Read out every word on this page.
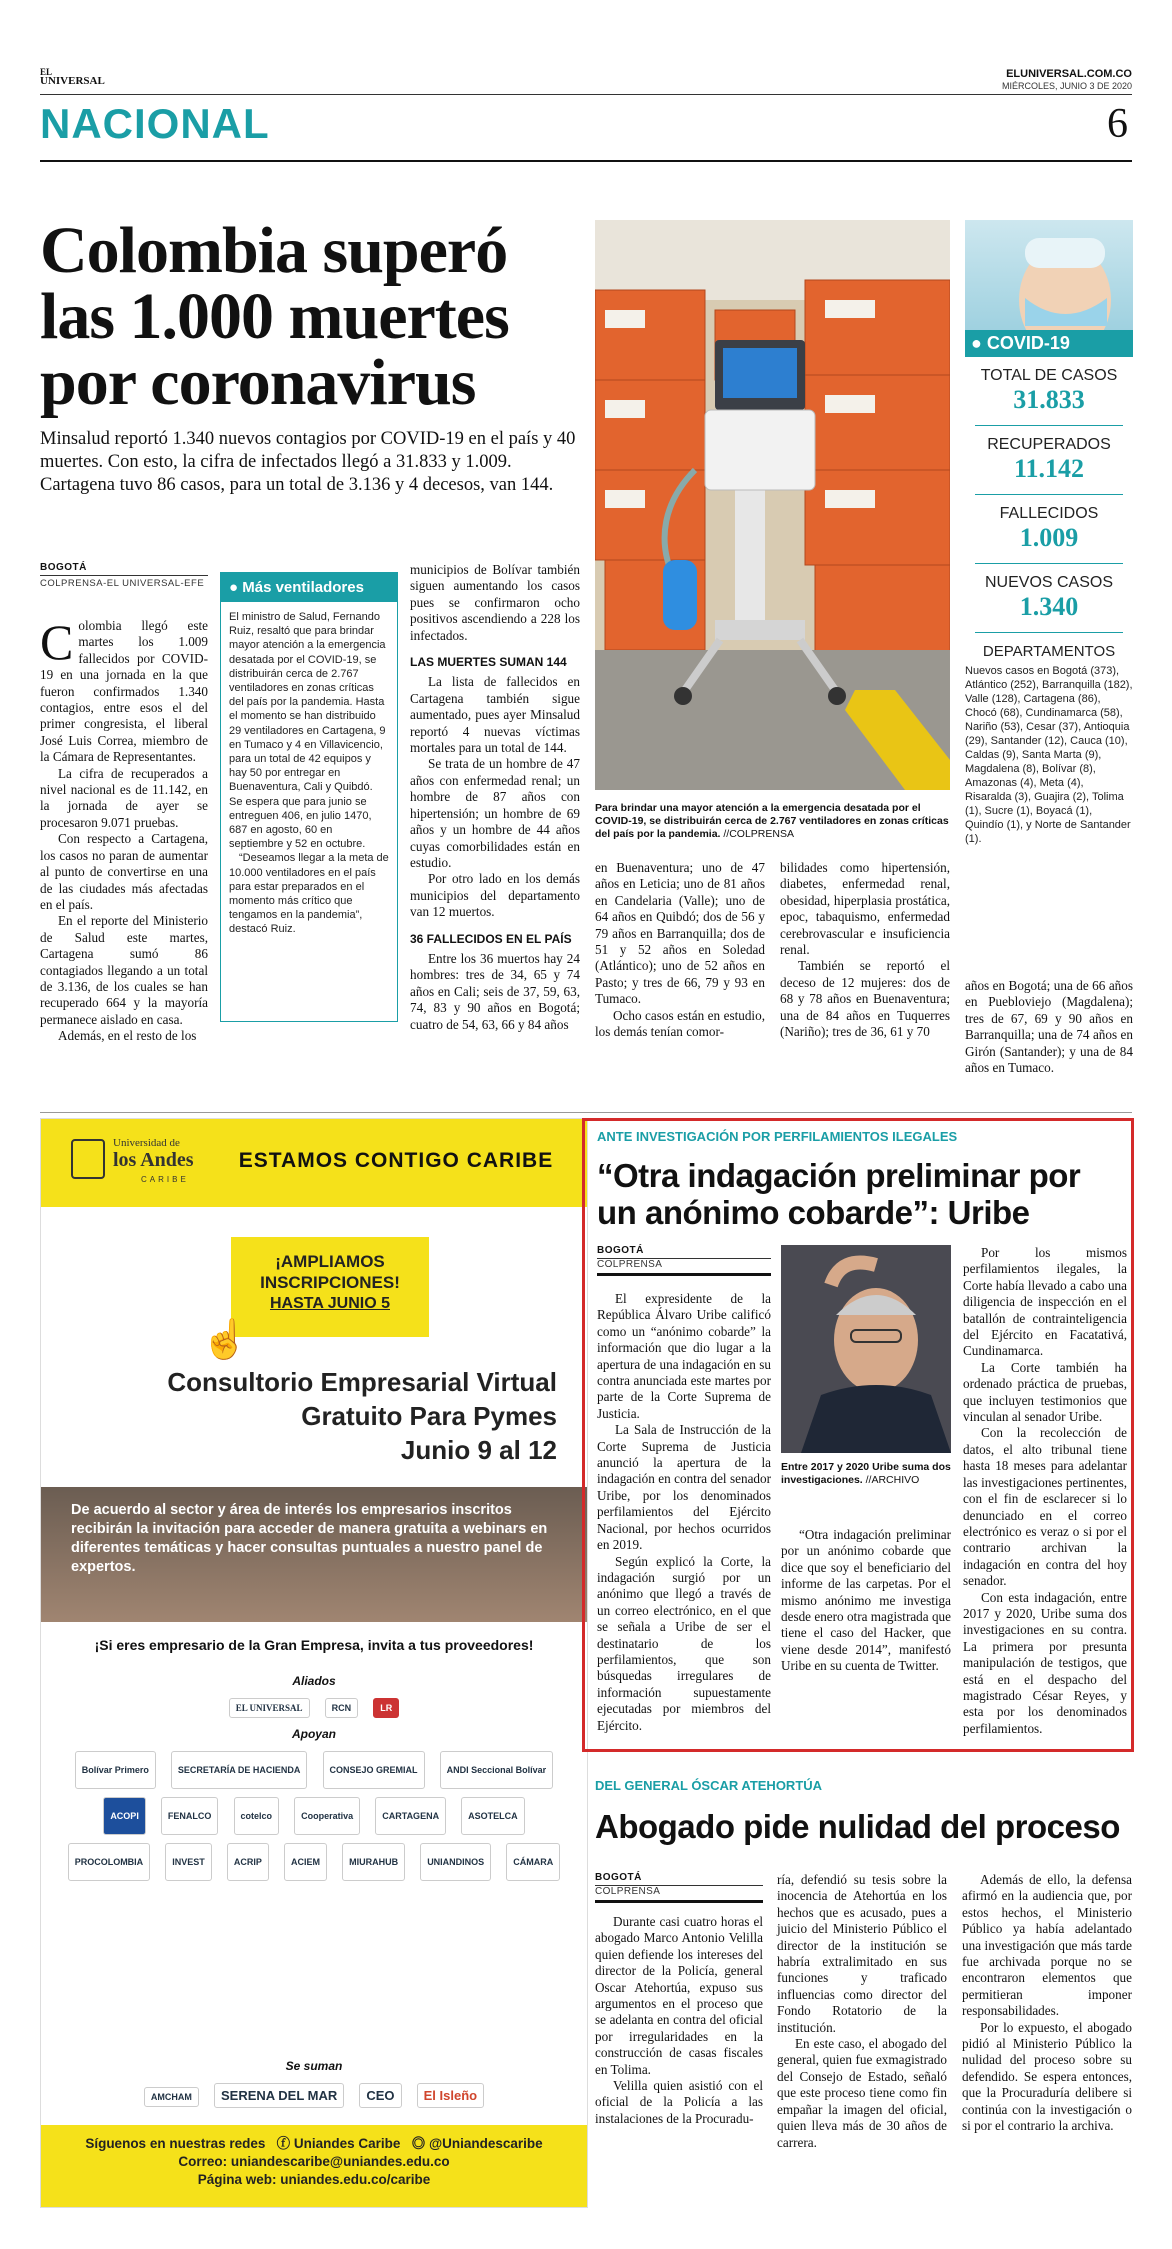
EL
UNIVERSAL
ELUNIVERSAL.COM.CO
MIÉRCOLES, JUNIO 3 DE 2020
NACIONAL	6
Colombia superó las 1.000 muertes por coronavirus
Minsalud reportó 1.340 nuevos contagios por COVID-19 en el país y 40 muertes. Con esto, la cifra de infectados llegó a 31.833 y 1.009. Cartagena tuvo 86 casos, para un total de 3.136 y 4 decesos, van 144.
BOGOTÁ
COLPRENSA-EL UNIVERSAL-EFE

Colombia llegó este martes los 1.009 fallecidos por COVID-19 en una jornada en la que fueron confirmados 1.340 contagios, entre esos el del primer congresista, el liberal José Luis Correa, miembro de la Cámara de Representantes.

La cifra de recuperados a nivel nacional es de 11.142, en la jornada de ayer se procesaron 9.071 pruebas.

Con respecto a Cartagena, los casos no paran de aumentar al punto de convertirse en una de las ciudades más afectadas en el país.

En el reporte del Ministerio de Salud este martes, Cartagena sumó 86 contagiados llegando a un total de 3.136, de los cuales se han recuperado 664 y la mayoría permanece aislado en casa.

Además, en el resto de los

● Más ventiladores

El ministro de Salud, Fernando Ruiz, resaltó que para brindar mayor atención a la emergencia desatada por el COVID-19, se distribuirán cerca de 2.767 ventiladores en zonas críticas del país por la pandemia. Hasta el momento se han distribuido 29 ventiladores en Cartagena, 9 en Tumaco y 4 en Villavicencio, para un total de 42 equipos y hay 50 por entregar en Buenaventura, Cali y Quibdó. Se espera que para junio se entreguen 406, en julio 1470, 687 en agosto, 60 en septiembre y 52 en octubre.

“Deseamos llegar a la meta de 10.000 ventiladores en el país para estar preparados en el momento más crítico que tengamos en la pandemia”, destacó Ruiz.

municipios de Bolívar también siguen aumentando los casos pues se confirmaron ocho positivos ascendiendo a 228 los infectados.

LAS MUERTES SUMAN 144

La lista de fallecidos en Cartagena también sigue aumentado, pues ayer Minsalud reportó 4 nuevas víctimas mortales para un total de 144.

Se trata de un hombre de 47 años con enfermedad renal; un hombre de 87 años con hipertensión; un hombre de 69 años y un hombre de 44 años cuyas comorbilidades están en estudio.

Por otro lado en los demás municipios del departamento van 12 muertos.

36 FALLECIDOS EN EL PAÍS

Entre los 36 muertos hay 24 hombres: tres de 34, 65 y 74 años en Cali; seis de 37, 59, 63, 74, 83 y 90 años en Bogotá; cuatro de 54, 63, 66 y 84 años

Para brindar una mayor atención a la emergencia desatada por el COVID-19, se distribuirán cerca de 2.767 ventiladores en zonas críticas del país por la pandemia. //COLPRENSA

en Buenaventura; uno de 47 años en Leticia; uno de 81 años en Candelaria (Valle); uno de 64 años en Quibdó; dos de 56 y 79 años en Barranquilla; dos de 51 y 52 años en Soledad (Atlántico); uno de 52 años en Pasto; y tres de 66, 79 y 93 en Tumaco.

Ocho casos están en estudio, los demás tenían comor-

bilidades como hipertensión, diabetes, enfermedad renal, obesidad, hiperplasia prostática, epoc, tabaquismo, enfermedad cerebrovascular e insuficiencia renal.

También se reportó el deceso de 12 mujeres: dos de 68 y 78 años en Buenaventura; una de 84 años en Tuquerres (Nariño); tres de 36, 61 y 70

años en Bogotá; una de 66 años en Puebloviejo (Magdalena); tres de 67, 69 y 90 años en Barranquilla; una de 74 años en Girón (Santander); y una de 84 años en Tumaco.

● COVID-19
TOTAL DE CASOS
31.833
RECUPERADOS
11.142
FALLECIDOS
1.009
NUEVOS CASOS
1.340
DEPARTAMENTOS
Nuevos casos en Bogotá (373), Atlántico (252), Barranquilla (182), Valle (128), Cartagena (86), Chocó (68), Cundinamarca (58), Nariño (53), Cesar (37), Antioquia (29), Santander (12), Cauca (10), Caldas (9), Santa Marta (9), Magdalena (8), Bolívar (8), Amazonas (4), Meta (4), Risaralda (3), Guajira (2), Tolima (1), Sucre (1), Boyacá (1), Quindío (1), y Norte de Santander (1).
Universidad de
los Andes
CARIBE
ESTAMOS CONTIGO CARIBE
¡AMPLIAMOS
INSCRIPCIONES!
HASTA JUNIO 5
☝
Consultorio Empresarial Virtual
Gratuito Para Pymes
Junio 9 al 12
De acuerdo al sector y área de interés los empresarios inscritos recibirán la invitación para acceder de manera gratuita a webinars en diferentes temáticas y hacer consultas puntuales a nuestro panel de expertos.
¡Si eres empresario de la Gran Empresa, invita a tus proveedores!
Aliados
EL UNIVERSAL	RCN	LR
Apoyan
Bolívar Primero	SECRETARÍA DE HACIENDA	CONSEJO GREMIAL	ANDI Seccional Bolívar ACOPI	FENALCO	cotelco	Cooperativa	CARTAGENA	ASOTELCA PROCOLOMBIA	INVEST	ACRIP	ACIEM	MIURAHUB	UNIANDINOS	CÁMARA
Se suman
AMCHAM SERENA DEL MAR CEO El Isleño
Síguenos en nuestras redes ⓕ Uniandes Caribe ◎ @Uniandescaribe
Correo: uniandescaribe@uniandes.edu.co
Página web: uniandes.edu.co/caribe
ANTE INVESTIGACIÓN POR PERFILAMIENTOS ILEGALES
“Otra indagación preliminar por un anónimo cobarde”: Uribe
BOGOTÁ
COLPRENSA

El expresidente de la República Álvaro Uribe calificó como un “anónimo cobarde” la información que dio lugar a la apertura de una indagación en su contra anunciada este martes por parte de la Corte Suprema de Justicia.

La Sala de Instrucción de la Corte Suprema de Justicia anunció la apertura de la indagación en contra del senador Uribe, por los denominados perfilamientos del Ejército Nacional, por hechos ocurridos en 2019.

Según explicó la Corte, la indagación surgió por un anónimo que llegó a través de un correo electrónico, en el que se señala a Uribe de ser el destinatario de los perfilamientos, que son búsquedas irregulares de información supuestamente ejecutadas por miembros del Ejército.

Entre 2017 y 2020 Uribe suma dos investigaciones. //ARCHIVO

“Otra indagación preliminar por un anónimo cobarde que dice que soy el beneficiario del informe de las carpetas. Por el mismo anónimo me investiga desde enero otra magistrada que tiene el caso del Hacker, que viene desde 2014”, manifestó Uribe en su cuenta de Twitter.

Por los mismos perfilamientos ilegales, la Corte había llevado a cabo una diligencia de inspección en el batallón de contrainteligencia del Ejército en Facatativá, Cundinamarca.

La Corte también ha ordenado práctica de pruebas, que incluyen testimonios que vinculan al senador Uribe.

Con la recolección de datos, el alto tribunal tiene hasta 18 meses para adelantar las investigaciones pertinentes, con el fin de esclarecer si lo denunciado en el correo electrónico es veraz o si por el contrario archivan la indagación en contra del hoy senador.

Con esta indagación, entre 2017 y 2020, Uribe suma dos investigaciones en su contra. La primera por presunta manipulación de testigos, que está en el despacho del magistrado César Reyes, y esta por los denominados perfilamientos.

DEL GENERAL ÓSCAR ATEHORTÚA
Abogado pide nulidad del proceso
BOGOTÁ
COLPRENSA

Durante casi cuatro horas el abogado Marco Antonio Velilla quien defiende los intereses del director de la Policía, general Oscar Atehortúa, expuso sus argumentos en el proceso que se adelanta en contra del oficial por irregularidades en la construcción de casas fiscales en Tolima.

Velilla quien asistió con el oficial de la Policía a las instalaciones de la Procuradu-

ría, defendió su tesis sobre la inocencia de Atehortúa en los hechos que es acusado, pues a juicio del Ministerio Público el director de la institución se habría extralimitado en sus funciones y traficado influencias como director del Fondo Rotatorio de la institución.

En este caso, el abogado del general, quien fue exmagistrado del Consejo de Estado, señaló que este proceso tiene como fin empañar la imagen del oficial, quien lleva más de 30 años de carrera.

Además de ello, la defensa afirmó en la audiencia que, por estos hechos, el Ministerio Público ya había adelantado una investigación que más tarde fue archivada porque no se encontraron elementos que permitieran imponer responsabilidades.

Por lo expuesto, el abogado pidió al Ministerio Público la nulidad del proceso sobre su defendido. Se espera entonces, que la Procuraduría delibere si continúa con la investigación o si por el contrario la archiva.
